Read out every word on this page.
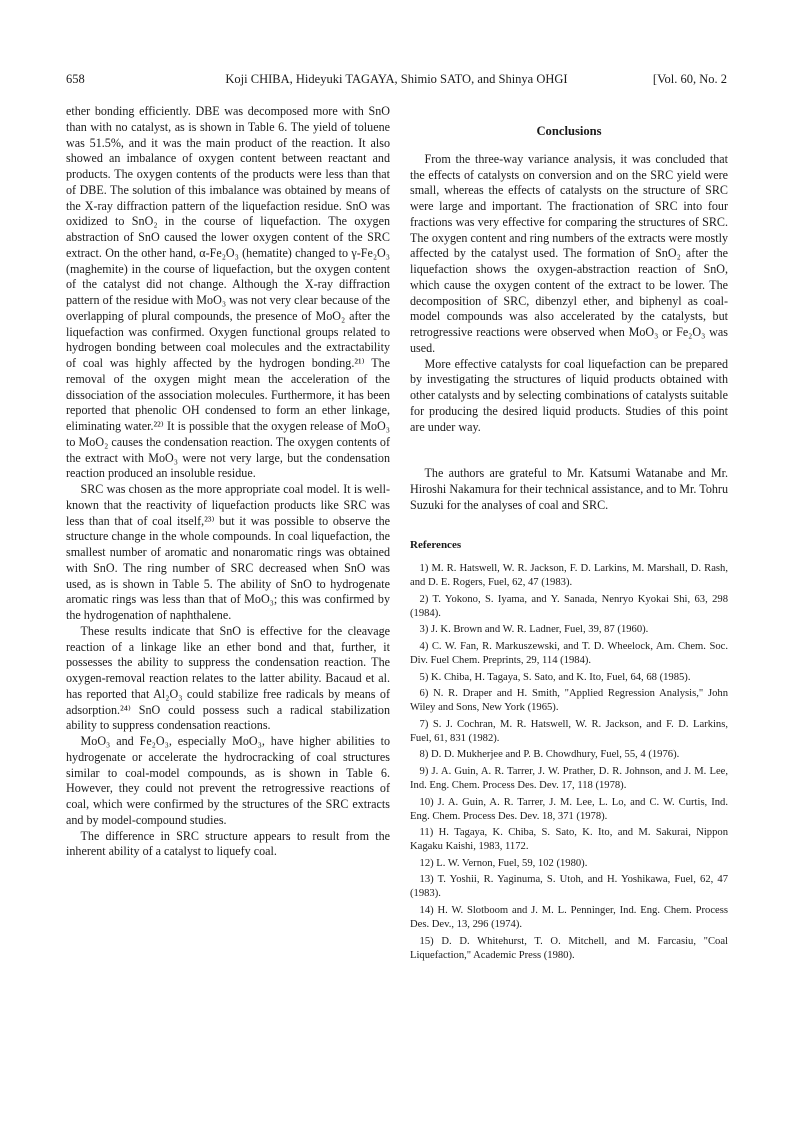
658	Koji CHIBA, Hideyuki TAGAYA, Shimio SATO, and Shinya OHGI	[Vol. 60, No. 2

ether bonding efficiently. DBE was decomposed more with SnO than with no catalyst, as is shown in Table 6. The yield of toluene was 51.5%, and it was the main product of the reaction. It also showed an imbalance of oxygen content between reactant and products. The oxygen contents of the products were less than that of DBE. The solution of this imbalance was obtained by means of the X-ray diffraction pattern of the liquefaction residue. SnO was oxidized to SnO₂ in the course of liquefaction. The oxygen abstraction of SnO caused the lower oxygen content of the SRC extract. On the other hand, α-Fe₂O₃ (hematite) changed to γ-Fe₂O₃ (maghemite) in the course of liquefaction, but the oxygen content of the catalyst did not change. Although the X-ray diffraction pattern of the residue with MoO₃ was not very clear because of the overlapping of plural compounds, the presence of MoO₂ after the liquefaction was confirmed. Oxygen functional groups related to hydrogen bonding between coal molecules and the extractability of coal was highly affected by the hydrogen bonding.²¹⁾ The removal of the oxygen might mean the acceleration of the dissociation of the association molecules. Furthermore, it has been reported that phenolic OH condensed to form an ether linkage, eliminating water.²²⁾ It is possible that the oxygen release of MoO₃ to MoO₂ causes the condensation reaction. The oxygen contents of the extract with MoO₃ were not very large, but the condensation reaction produced an insoluble residue.

SRC was chosen as the more appropriate coal model. It is well-known that the reactivity of liquefaction products like SRC was less than that of coal itself,²³⁾ but it was possible to observe the structure change in the whole compounds. In coal liquefaction, the smallest number of aromatic and nonaromatic rings was obtained with SnO. The ring number of SRC decreased when SnO was used, as is shown in Table 5. The ability of SnO to hydrogenate aromatic rings was less than that of MoO₃; this was confirmed by the hydrogenation of naphthalene.

These results indicate that SnO is effective for the cleavage reaction of a linkage like an ether bond and that, further, it possesses the ability to suppress the condensation reaction. The oxygen-removal reaction relates to the latter ability. Bacaud et al. has reported that Al₂O₃ could stabilize free radicals by means of adsorption.²⁴⁾ SnO could possess such a radical stabilization ability to suppress condensation reactions.

MoO₃ and Fe₂O₃, especially MoO₃, have higher abilities to hydrogenate or accelerate the hydrocracking of coal structures similar to coal-model compounds, as is shown in Table 6. However, they could not prevent the retrogressive reactions of coal, which were confirmed by the structures of the SRC extracts and by model-compound studies.

The difference in SRC structure appears to result from the inherent ability of a catalyst to liquefy coal.

Conclusions

From the three-way variance analysis, it was concluded that the effects of catalysts on conversion and on the SRC yield were small, whereas the effects of catalysts on the structure of SRC were large and important. The fractionation of SRC into four fractions was very effective for comparing the structures of SRC. The oxygen content and ring numbers of the extracts were mostly affected by the catalyst used. The formation of SnO₂ after the liquefaction shows the oxygen-abstraction reaction of SnO, which cause the oxygen content of the extract to be lower. The decomposition of SRC, dibenzyl ether, and biphenyl as coal-model compounds was also accelerated by the catalysts, but retrogressive reactions were observed when MoO₃ or Fe₂O₃ was used.

More effective catalysts for coal liquefaction can be prepared by investigating the structures of liquid products obtained with other catalysts and by selecting combinations of catalysts suitable for producing the desired liquid products. Studies of this point are under way.

The authors are grateful to Mr. Katsumi Watanabe and Mr. Hiroshi Nakamura for their technical assistance, and to Mr. Tohru Suzuki for the analyses of coal and SRC.

References
1) M. R. Hatswell, W. R. Jackson, F. D. Larkins, M. Marshall, D. Rash, and D. E. Rogers, Fuel, 62, 47 (1983).
2) T. Yokono, S. Iyama, and Y. Sanada, Nenryo Kyokai Shi, 63, 298 (1984).
3) J. K. Brown and W. R. Ladner, Fuel, 39, 87 (1960).
4) C. W. Fan, R. Markuszewski, and T. D. Wheelock, Am. Chem. Soc. Div. Fuel Chem. Preprints, 29, 114 (1984).
5) K. Chiba, H. Tagaya, S. Sato, and K. Ito, Fuel, 64, 68 (1985).
6) N. R. Draper and H. Smith, "Applied Regression Analysis," John Wiley and Sons, New York (1965).
7) S. J. Cochran, M. R. Hatswell, W. R. Jackson, and F. D. Larkins, Fuel, 61, 831 (1982).
8) D. D. Mukherjee and P. B. Chowdhury, Fuel, 55, 4 (1976).
9) J. A. Guin, A. R. Tarrer, J. W. Prather, D. R. Johnson, and J. M. Lee, Ind. Eng. Chem. Process Des. Dev. 17, 118 (1978).
10) J. A. Guin, A. R. Tarrer, J. M. Lee, L. Lo, and C. W. Curtis, Ind. Eng. Chem. Process Des. Dev. 18, 371 (1978).
11) H. Tagaya, K. Chiba, S. Sato, K. Ito, and M. Sakurai, Nippon Kagaku Kaishi, 1983, 1172.
12) L. W. Vernon, Fuel, 59, 102 (1980).
13) T. Yoshii, R. Yaginuma, S. Utoh, and H. Yoshikawa, Fuel, 62, 47 (1983).
14) H. W. Slotboom and J. M. L. Penninger, Ind. Eng. Chem. Process Des. Dev., 13, 296 (1974).
15) D. D. Whitehurst, T. O. Mitchell, and M. Farcasiu, "Coal Liquefaction," Academic Press (1980).
